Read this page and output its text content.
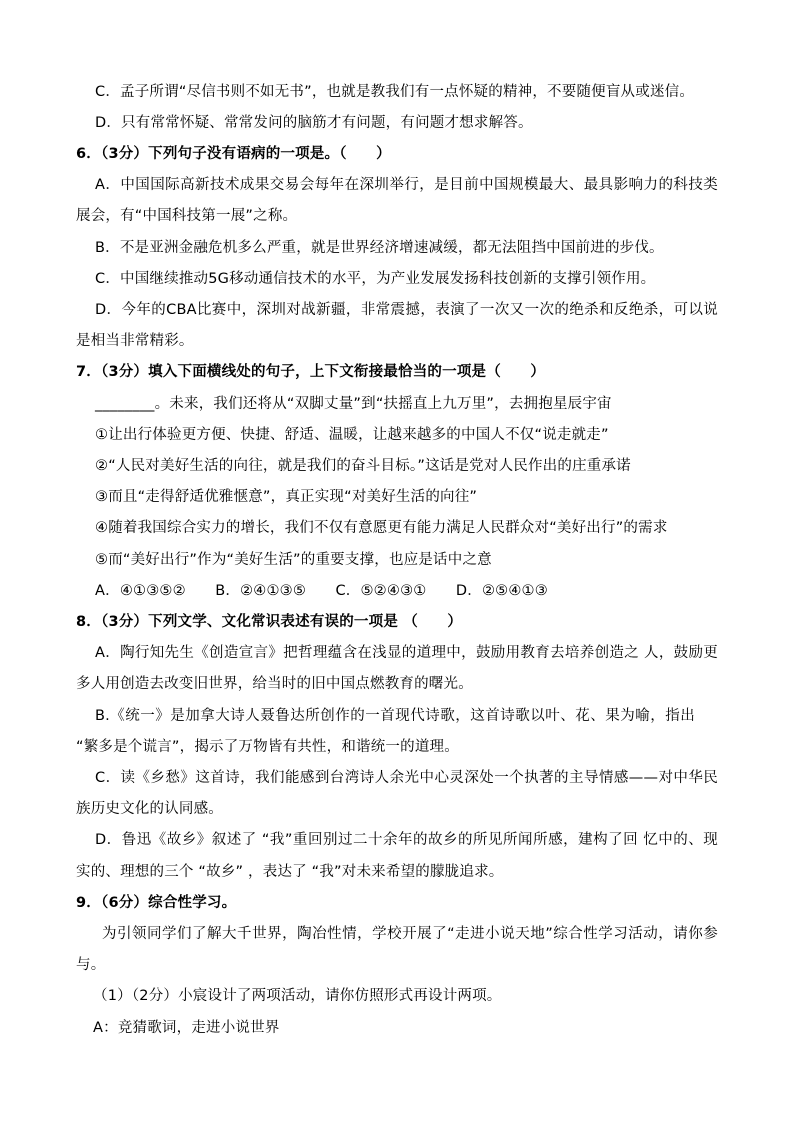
C．孟子所谓“尽信书则不如无书”，也就是教我们有一点怀疑的精神，不要随便盲从或迷信。
D．只有常常怀疑、常常发问的脑筋才有问题，有问题才想求解答。
6．（3分）下列句子没有语病的一项是。（　　）
A．中国国际高新技术成果交易会每年在深圳举行，是目前中国规模最大、最具影响力的科技类
展会，有“中国科技第一展”之称。
B．不是亚洲金融危机多么严重，就是世界经济增速减缓，都无法阻挡中国前进的步伐。
C．中国继续推动5G移动通信技术的水平，为产业发展发扬科技创新的支撑引领作用。
D．今年的CBA比赛中，深圳对战新疆，非常震撼，表演了一次又一次的绝杀和反绝杀，可以说
是相当非常精彩。
7．（3分）填入下面横线处的句子，上下文衔接最恰当的一项是（　　）
________。未来，我们还将从“双脚丈量”到“扶摇直上九万里”，去拥抱星辰宇宙
①让出行体验更方便、快捷、舒适、温暖，让越来越多的中国人不仅“说走就走”
②“人民对美好生活的向往，就是我们的奋斗目标。”这话是党对人民作出的庄重承诺
③而且“走得舒适优雅惬意”，真正实现“对美好生活的向往”
④随着我国综合实力的增长，我们不仅有意愿更有能力满足人民群众对“美好出行”的需求
⑤而“美好出行”作为“美好生活”的重要支撑，也应是话中之意
A．④①③⑤②　　B．②④①③⑤　　C．⑤②④③①　　D．②⑤④①③
8．（3分）下列文学、文化常识表述有误的一项是 （　　）
A．陶行知先生《创造宣言》把哲理蕴含在浅显的道理中，鼓励用教育去培养创造之 人，鼓励更
多人用创造去改变旧世界，给当时的旧中国点燃教育的曙光。
B.《统一》是加拿大诗人聂鲁达所创作的一首现代诗歌，这首诗歌以叶、花、果为喻，指出
“繁多是个谎言”，揭示了万物皆有共性，和谐统一的道理。
C．读《乡愁》这首诗，我们能感到台湾诗人余光中心灵深处一个执著的主导情感——对中华民
族历史文化的认同感。
D．鲁迅《故乡》叙述了 “我”重回别过二十余年的故乡的所见所闻所感，建构了回 忆中的、现
实的、理想的三个 “故乡” ，表达了 “我”对未来希望的朦胧追求。
9．（6分）综合性学习。
为引领同学们了解大千世界，陶冶性情，学校开展了“走进小说天地”综合性学习活动，请你参
与。
（1）（2分）小宸设计了两项活动，请你仿照形式再设计两项。
A：竞猜歌词，走进小说世界
